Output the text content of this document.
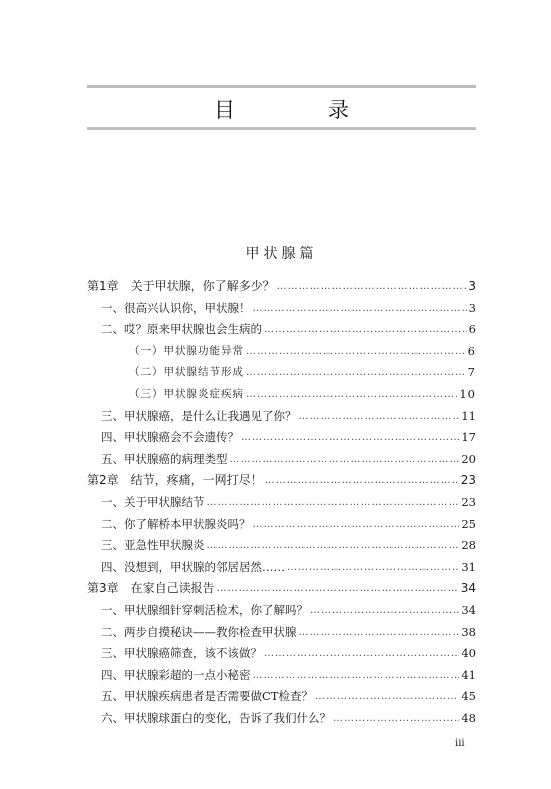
目　录
甲状腺篇
第1章　关于甲状腺，你了解多少？ ……………………………………………………………………………………………………………………	3
一、很高兴认识你，甲状腺！ ……………………………………………………………………………………………………………………	3
二、哎？原来甲状腺也会生病的 ……………………………………………………………………………………………………………………	6
（一）甲状腺功能异常 ……………………………………………………………………………………………………………………	6
（二）甲状腺结节形成 ……………………………………………………………………………………………………………………	7
（三）甲状腺炎症疾病 ……………………………………………………………………………………………………………………	10
三、甲状腺癌，是什么让我遇见了你？ ……………………………………………………………………………………………………………………	11
四、甲状腺癌会不会遗传？ ……………………………………………………………………………………………………………………	17
五、甲状腺癌的病理类型 ……………………………………………………………………………………………………………………	20
第2章　结节，疼痛，一网打尽！ ……………………………………………………………………………………………………………………	23
一、关于甲状腺结节 ……………………………………………………………………………………………………………………	23
二、你了解桥本甲状腺炎吗？ ……………………………………………………………………………………………………………………	25
三、亚急性甲状腺炎 ……………………………………………………………………………………………………………………	28
四、没想到，甲状腺的邻居居然…… ……………………………………………………………………………………………………………………	31
第3章　在家自己读报告 ……………………………………………………………………………………………………………………	34
一、甲状腺细针穿刺活检术，你了解吗？ ……………………………………………………………………………………………………………………	34
二、两步自摸秘诀——教你检查甲状腺 ……………………………………………………………………………………………………………………	38
三、甲状腺癌筛查，该不该做？ ……………………………………………………………………………………………………………………	40
四、甲状腺彩超的一点小秘密 ……………………………………………………………………………………………………………………	41
五、甲状腺疾病患者是否需要做CT检查？ ……………………………………………………………………………………………………………………	45
六、甲状腺球蛋白的变化，告诉了我们什么？ ……………………………………………………………………………………………………………………	48
iii
